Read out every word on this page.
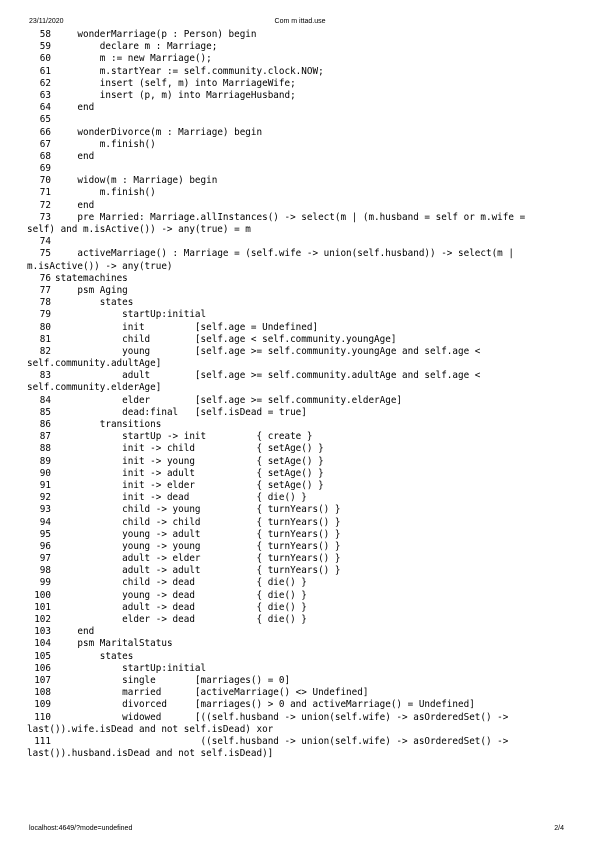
23/11/2020	Com m ittad.use
58    wonderMarriage(p : Person) begin
59        declare m : Marriage;
60        m := new Marriage();
61        m.startYear := self.community.clock.NOW;
62        insert (self, m) into MarriageWife;
63        insert (p, m) into MarriageHusband;
64    end
65
66    wonderDivorce(m : Marriage) begin
67        m.finish()
68    end
69
70    widow(m : Marriage) begin
71        m.finish()
72    end
73    pre Married: Marriage.allInstances() -> select(m | (m.husband = self or m.wife =
self) and m.isActive()) -> any(true) = m
74
75    activeMarriage() : Marriage = (self.wife -> union(self.husband)) -> select(m |
m.isActive()) -> any(true)
76 statemachines
77    psm Aging
78        states
79            startUp:initial
80            init         [self.age = Undefined]
81            child        [self.age < self.community.youngAge]
82            young        [self.age >= self.community.youngAge and self.age <
self.community.adultAge]
83            adult        [self.age >= self.community.adultAge and self.age <
self.community.elderAge]
84            elder        [self.age >= self.community.elderAge]
85            dead:final   [self.isDead = true]
86        transitions
87            startUp -> init         { create }
88            init -> child           { setAge() }
89            init -> young           { setAge() }
90            init -> adult           { setAge() }
91            init -> elder           { setAge() }
92            init -> dead            { die() }
93            child -> young          { turnYears() }
94            child -> child          { turnYears() }
95            young -> adult          { turnYears() }
96            young -> young          { turnYears() }
97            adult -> elder          { turnYears() }
98            adult -> adult          { turnYears() }
99            child -> dead           { die() }
100            young -> dead           { die() }
101            adult -> dead           { die() }
102            elder -> dead           { die() }
103    end
104    psm MaritalStatus
105        states
106            startUp:initial
107            single       [marriages() = 0]
108            married      [activeMarriage() <> Undefined]
109            divorced     [marriages() > 0 and activeMarriage() = Undefined]
110            widowed      [((self.husband -> union(self.wife) -> asOrderedSet() ->
last()).wife.isDead and not self.isDead) xor
111                          ((self.husband -> union(self.wife) -> asOrderedSet() ->
last()).husband.isDead and not self.isDead)]
localhost:4649/?mode=undefined	2/4
